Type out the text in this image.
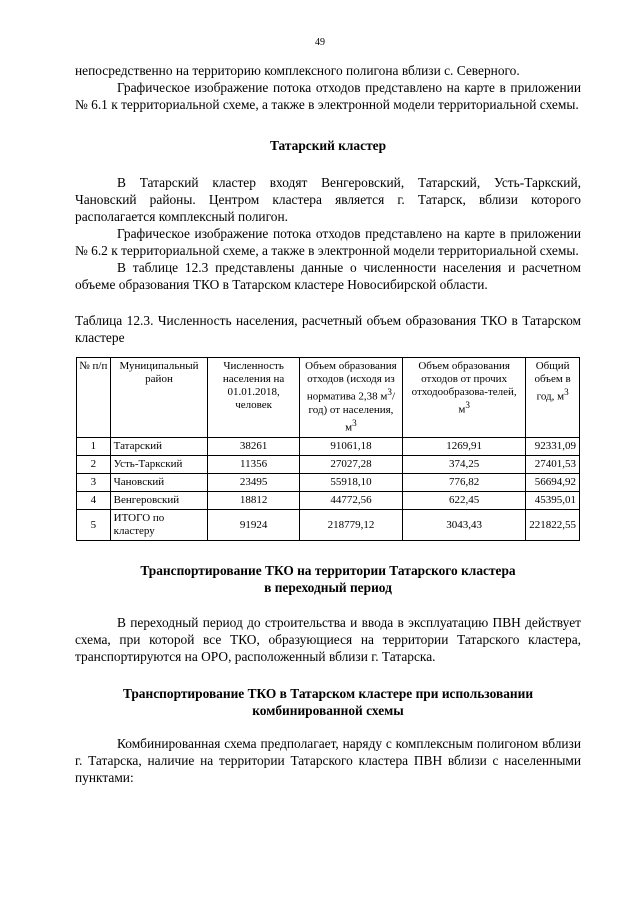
49

непосредственно на территорию комплексного полигона вблизи с. Северного.

Графическое изображение потока отходов представлено на карте в приложении № 6.1 к территориальной схеме, а также в электронной модели территориальной схемы.

Татарский кластер

В Татарский кластер входят Венгеровский, Татарский, Усть-Таркский, Чановский районы. Центром кластера является г. Татарск, вблизи которого располагается комплексный полигон.

Графическое изображение потока отходов представлено на карте в приложении № 6.2 к территориальной схеме, а также в электронной модели территориальной схемы.

В таблице 12.3 представлены данные о численности населения и расчетном объеме образования ТКО в Татарском кластере Новосибирской области.

Таблица 12.3. Численность населения, расчетный объем образования ТКО в Татарском кластере

№ п/п	Муниципальный район	Численность населения на 01.01.2018, человек	Объем образования отходов (исходя из норматива 2,38 $м^3/год$) от населения, $м^3$	Объем образования отходов от прочих отходообразова-телей, $м^3$	Общий объем в год, $м^3$
1	Татарский	38261	91061,18	1269,91	92331,09
2	Усть-Таркский	11356	27027,28	374,25	27401,53
3	Чановский	23495	55918,10	776,82	56694,92
4	Венгеровский	18812	44772,56	622,45	45395,01
5	ИТОГО по кластеру	91924	218779,12	3043,43	221822,55

Транспортирование ТКО на территории Татарского кластера

в переходный период

В переходный период до строительства и ввода в эксплуатацию ПВН действует схема, при которой все ТКО, образующиеся на территории Татарского кластера, транспортируются на ОРО, расположенный вблизи г. Татарска.

Транспортирование ТКО в Татарском кластере при использовании

комбинированной схемы

Комбинированная схема предполагает, наряду с комплексным полигоном вблизи г. Татарска, наличие на территории Татарского кластера ПВН вблизи с населенными пунктами:
